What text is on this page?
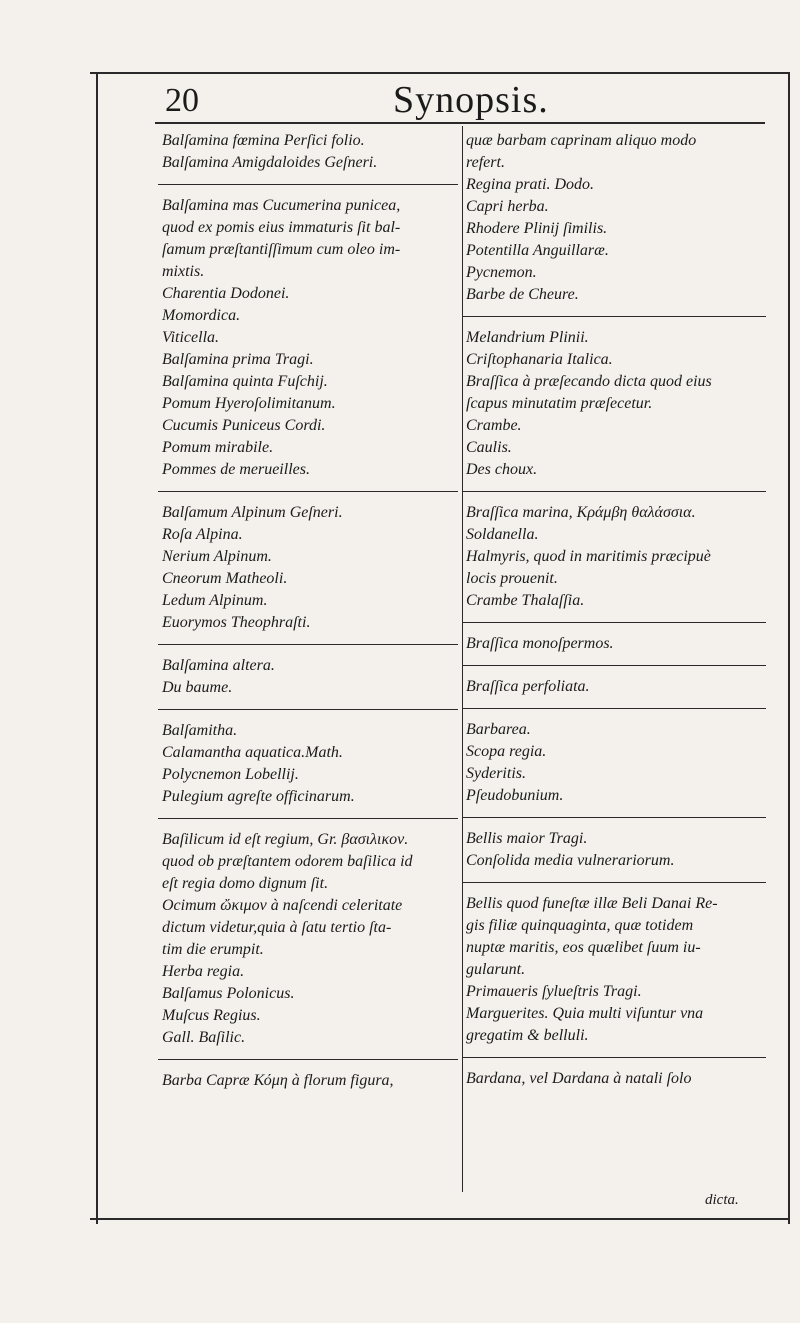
20	Synopsis.
Balſamina fœmina Perſici folio.
Balſamina Amigdaloides Geſneri.
Balſamina mas Cucumerina punicea,
quod ex pomis eius immaturis ſit bal-
ſamum præſtantiſſimum cum oleo im-
mixtis.
Charentia Dodonei.
Momordica.
Viticella.
Balſamina prima Tragi.
Balſamina quinta Fuſchij.
Pomum Hyeroſolimitanum.
Cucumis Puniceus Cordi.
Pomum mirabile.
Pommes de merueilles.
Balſamum Alpinum Geſneri.
Roſa Alpina.
Nerium Alpinum.
Cneorum Matheoli.
Ledum Alpinum.
Euorymos Theophraſti.
Balſamina altera.
Du baume.
Balſamitha.
Calamantha aquatica.Math.
Polycnemon Lobellij.
Pulegium agreſte officinarum.
Baſilicum id eſt regium, Gr. βασιλικον.
quod ob præſtantem odorem baſilica id
eſt regia domo dignum ſit.
Ocimum ὤκιμον à naſcendi celeritate
dictum videtur,quia à ſatu tertio ſta-
tim die erumpit.
Herba regia.
Balſamus Polonicus.
Muſcus Regius.
Gall. Baſilic.
Barba Capræ Κόμη à florum figura,
quæ barbam caprinam aliquo modo
refert.
Regina prati. Dodo.
Capri herba.
Rhodere Plinij ſimilis.
Potentilla Anguillaræ.
Pycnemon.
Barbe de Cheure.
Melandrium Plinii.
Criſtophanaria Italica.
Braſſica à præſecando dicta quod eius
ſcapus minutatim præſecetur.
Crambe.
Caulis.
Des choux.
Braſſica marina, Κράμβη θαλάσσια.
Soldanella.
Halmyris, quod in maritimis præcipuè
locis prouenit.
Crambe Thalaſſia.
Braſſica monoſpermos.
Braſſica perfoliata.
Barbarea.
Scopa regia.
Syderitis.
Pſeudobunium.
Bellis maior Tragi.
Conſolida media vulnerariorum.
Bellis quod funeſtæ illæ Beli Danai Re-
gis filiæ quinquaginta, quæ totidem
nuptæ maritis, eos quælibet ſuum iu-
gularunt.
Primaueris ſylueſtris Tragi.
Marguerites. Quia multi viſuntur vna
gregatim & belluli.
Bardana, vel Dardana à natali ſolo
dicta.
